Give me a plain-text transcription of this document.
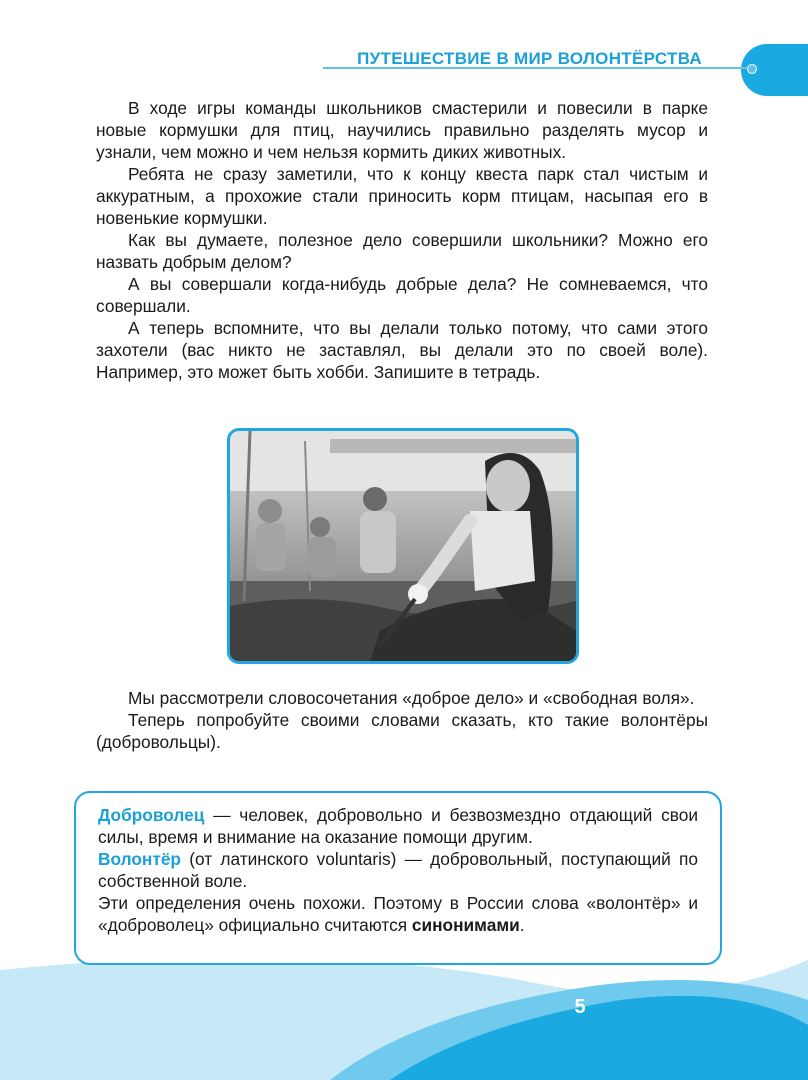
ПУТЕШЕСТВИЕ В МИР ВОЛОНТЁРСТВА

В ходе игры команды школьников смастерили и повесили в парке новые кормушки для птиц, научились правильно разделять мусор и узнали, чем можно и чем нельзя кормить диких животных.

Ребята не сразу заметили, что к концу квеста парк стал чистым и аккуратным, а прохожие стали приносить корм птицам, насыпая его в новенькие кормушки.

Как вы думаете, полезное дело совершили школьники? Можно его назвать добрым делом?

А вы совершали когда-нибудь добрые дела? Не сомневаемся, что совершали.

А теперь вспомните, что вы делали только потому, что сами этого захотели (вас никто не заставлял, вы делали это по своей воле). Например, это может быть хобби. Запишите в тетрадь.

Мы рассмотрели словосочетания «доброе дело» и «свободная воля».

Теперь попробуйте своими словами сказать, кто такие волонтёры (добровольцы).

Доброволец — человек, добровольно и безвозмездно отдающий свои силы, время и внимание на оказание помощи другим.

Волонтёр (от латинского voluntaris) — добровольный, поступающий по собственной воле.

Эти определения очень похожи. Поэтому в России слова «волонтёр» и «доброволец» официально считаются синонимами.

5
